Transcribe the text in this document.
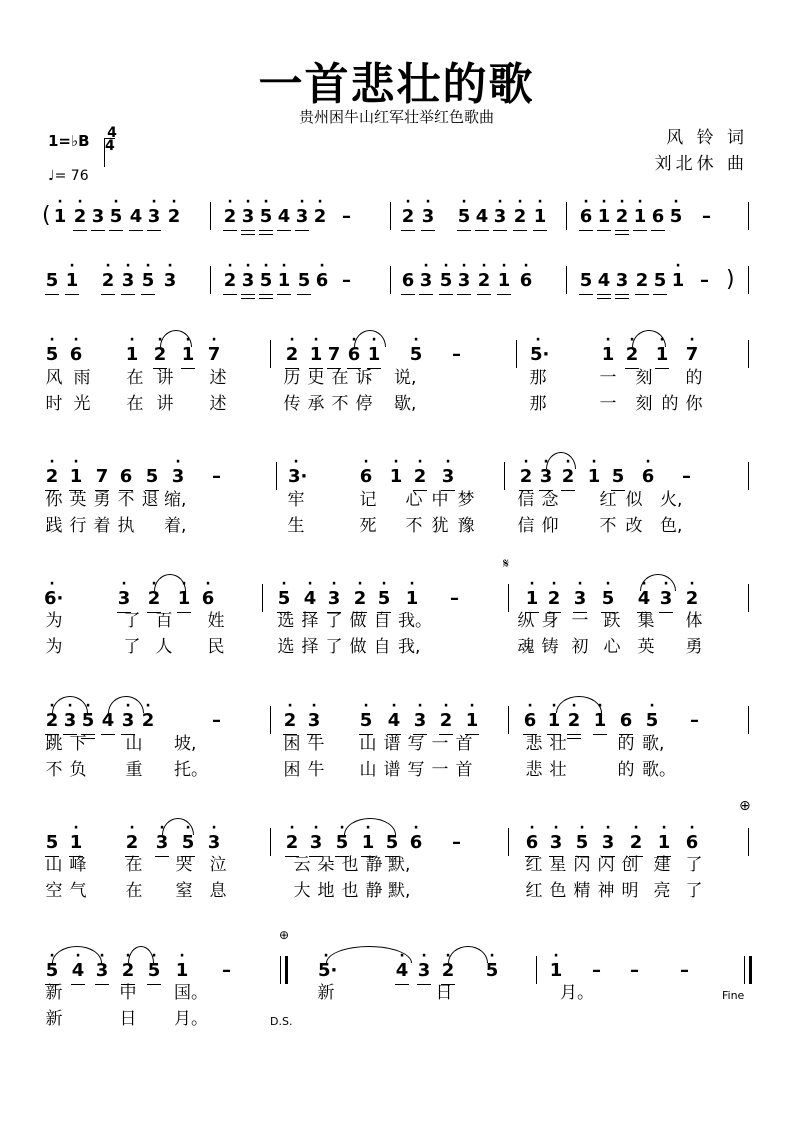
一首悲壮的歌
贵州困牛山红军壮举红色歌曲
风 铃 词
刘北休 曲
1=♭B $\frac{4}{4}$
♩= 76
( 1
·
2
·
3 5
·
4 3
·
2
·
2
·
3
·
5
·
4 3
·
2
·
–	2
·
3
·
5
·
4 3
·
2
·
1
·
6
·
1
·
2
·
1
·
6 5
·
–
5 1
·
2
·
3
·
5
·
3
·
2
·
3
·
5
·
1
·
5 6
·
–	6 3
·
5
·
3
·
2
·
1
·
6
·
5 4 3 2 5 1
·
– )
5
·
6
·
1
·
2
·
1
·
7
·
2
·
1
·
7 6
·
1
·
5
·
–	5·
·
1
·
2
·
1
·
7
·
2
·
1
·
7 6 5 3
·
–	3·
·
6
·
1
·
2
·
3
·
2
·
3
·
2
·
1
·
5 6
·
–
6·
·
3
·
2
·
1
·
6
·
5
·
4
·
3
·
2
·
5
·
1
·
–	1
·
2
·
3
·
5
·
4
·
3
·
2
·
2
·
3
·
5
·
4 3
·
2
·
–	2
·
3
·
5
·
4
·
3
·
2
·
1
·
6
·
1
·
2
·
1
·
6 5
·
–
5 1
·
2
·
3
·
5
·
3
·
2
·
3
·
5
·
1
·
5 6
·
–	6
·
3
·
5
·
3
·
2
·
1
·
6
·
5
·
4
·
3
·
2
·
5
·
1
·
–	5·
·
4
·
3
·
2
·
5
·
1
·
– – –
风 雨 在 讲 述	历 史 在 诉 说,	那	一 刻 的
时 光 在 讲 述	传 承 不 停 歇,	那	一 刻 的 你
你 英 勇 不 退 缩,	牢	记 心 中 梦	信 念 红 似 火,
践 行 着 执 着,	生	死 不 犹 豫	信 仰 不 改 色,
为	了 百 姓	选 择 了 做 自 我。	纵 身 一 跃 集 体
为	了 人 民	选 择 了 做 自 我,	魂 铸 初 心 英 勇
跳 下 山 坡,	困 牛 山 谱 写 一 首	悲 壮	的 歌,
不 负 重 托。	困 牛 山 谱 写 一 首	悲 壮	的 歌。
山 峰 在 哭 泣	云 朵 也 静 默,	红 星 闪 闪 创 建 了
空 气 在 窒 息	大 地 也 静 默,	红 色 精 神 明 亮 了
新	中 国。	新	日	月。
新	日 月。
𝄋
⊕
⊕
Fine
D.S.
